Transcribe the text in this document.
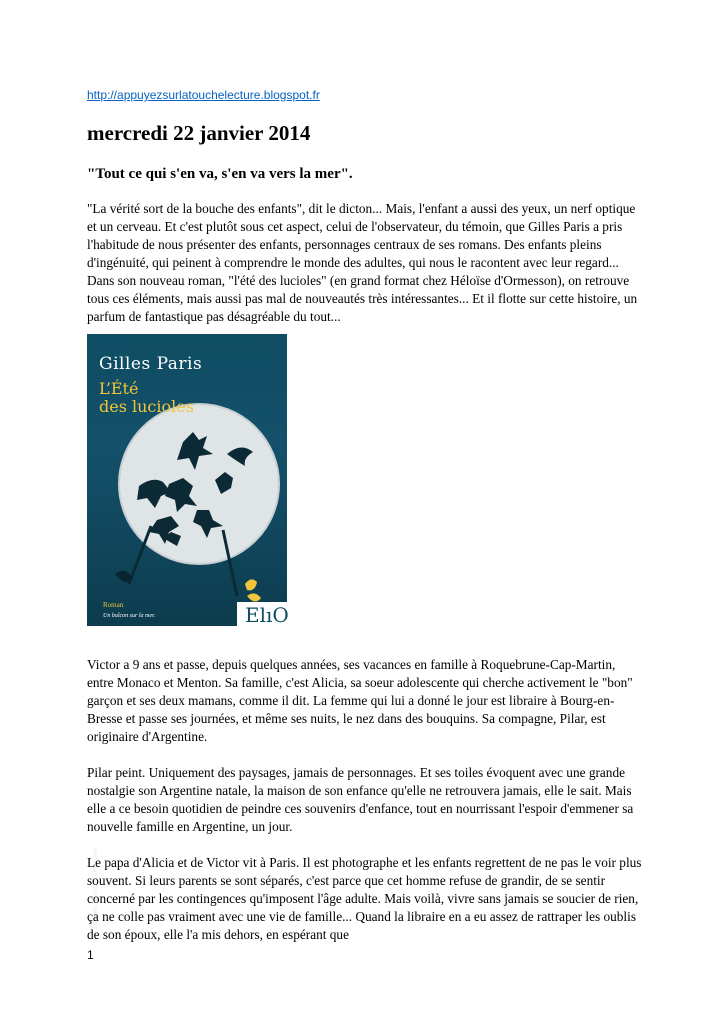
http://appuyezsurlatouchelecture.blogspot.fr
mercredi 22 janvier 2014
"Tout ce qui s'en va, s'en va vers la mer".

"La vérité sort de la bouche des enfants", dit le dicton... Mais, l'enfant a aussi des yeux, un nerf optique et un cerveau. Et c'est plutôt sous cet aspect, celui de l'observateur, du témoin, que Gilles Paris a pris l'habitude de nous présenter des enfants, personnages centraux de ses romans. Des enfants pleins d'ingénuité, qui peinent à comprendre le monde des adultes, qui nous le racontent avec leur regard... Dans son nouveau roman, "l'été des lucioles" (en grand format chez Héloïse d'Ormesson), on retrouve tous ces éléments, mais aussi pas mal de nouveautés très intéressantes... Et il flotte sur cette histoire, un parfum de fantastique pas désagréable du tout...

ElıO
Gilles Paris
L’Été
des lucioles
Éditions Héloïse d'Ormesson
Roman
Un balcon sur la mer.

Victor a 9 ans et passe, depuis quelques années, ses vacances en famille à Roquebrune-Cap-Martin, entre Monaco et Menton. Sa famille, c'est Alicia, sa soeur adolescente qui cherche activement le "bon" garçon et ses deux mamans, comme il dit. La femme qui lui a donné le jour est libraire à Bourg-en-Bresse et passe ses journées, et même ses nuits, le nez dans des bouquins. Sa compagne, Pilar, est originaire d'Argentine.

Pilar peint. Uniquement des paysages, jamais de personnages. Et ses toiles évoquent avec une grande nostalgie son Argentine natale, la maison de son enfance qu'elle ne retrouvera jamais, elle le sait. Mais elle a ce besoin quotidien de peindre ces souvenirs d'enfance, tout en nourrissant l'espoir d'emmener sa nouvelle famille en Argentine, un jour.

Le papa d'Alicia et de Victor vit à Paris. Il est photographe et les enfants regrettent de ne pas le voir plus souvent. Si leurs parents se sont séparés, c'est parce que cet homme refuse de grandir, de se sentir concerné par les contingences qu'imposent l'âge adulte. Mais voilà, vivre sans jamais se soucier de rien, ça ne colle pas vraiment avec une vie de famille... Quand la libraire en a eu assez de rattraper les oublis de son époux, elle l'a mis dehors, en espérant que

1
